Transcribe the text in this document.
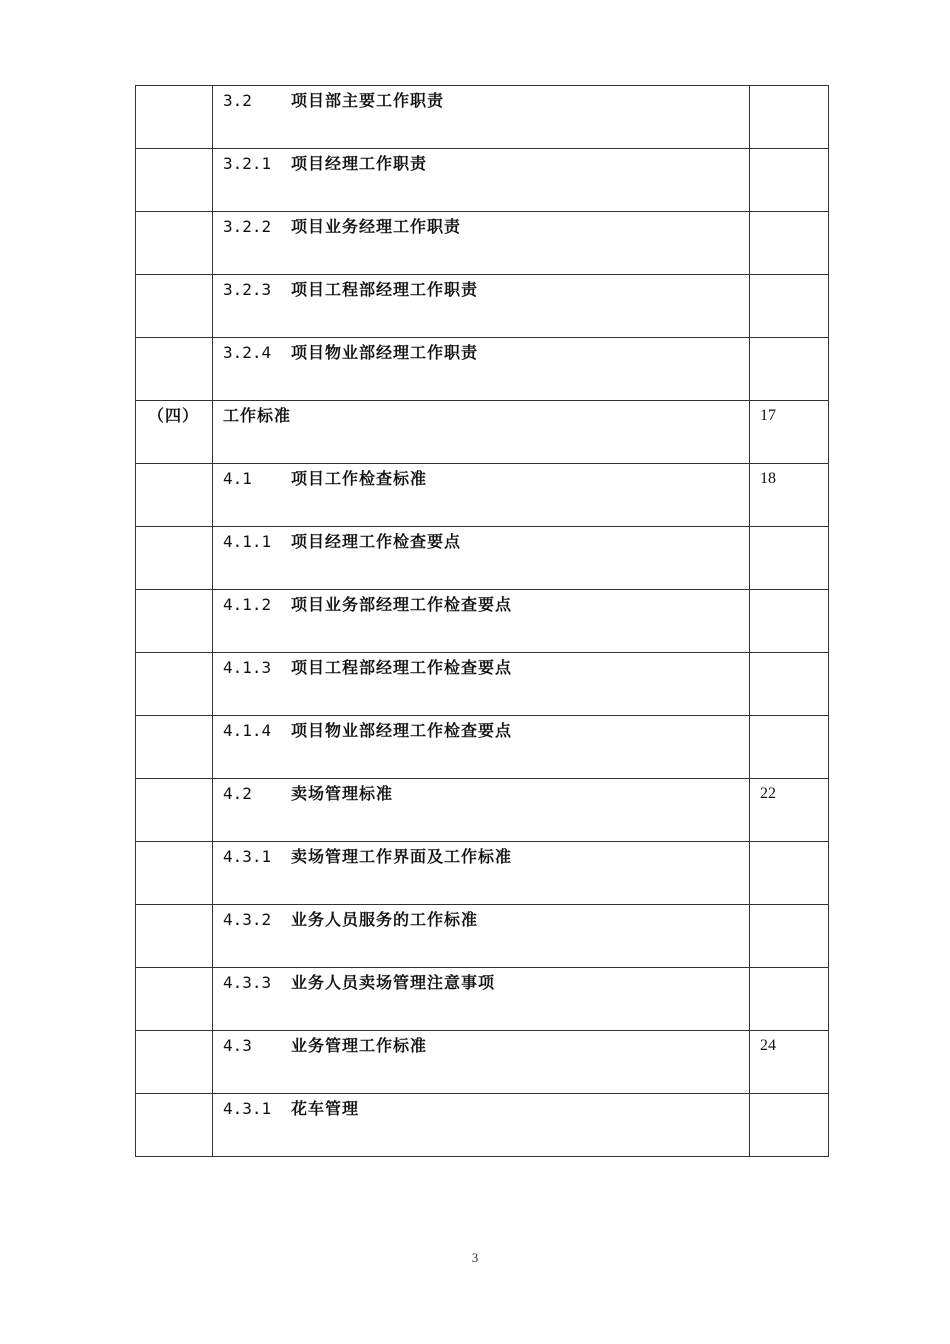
	3.2 项目部主要工作职责	

	3.2.1 项目经理工作职责	

	3.2.2 项目业务经理工作职责	

	3.2.3 项目工程部经理工作职责	

	3.2.4 项目物业部经理工作职责	

（四）	工作标准	17

	4.1 项目工作检查标准	18

	4.1.1 项目经理工作检查要点	

	4.1.2 项目业务部经理工作检查要点	

	4.1.3 项目工程部经理工作检查要点	

	4.1.4 项目物业部经理工作检查要点	

	4.2 卖场管理标准	22

	4.3.1 卖场管理工作界面及工作标准	

	4.3.2 业务人员服务的工作标准	

	4.3.3 业务人员卖场管理注意事项	

	4.3 业务管理工作标准	24

	4.3.1 花车管理	

3
